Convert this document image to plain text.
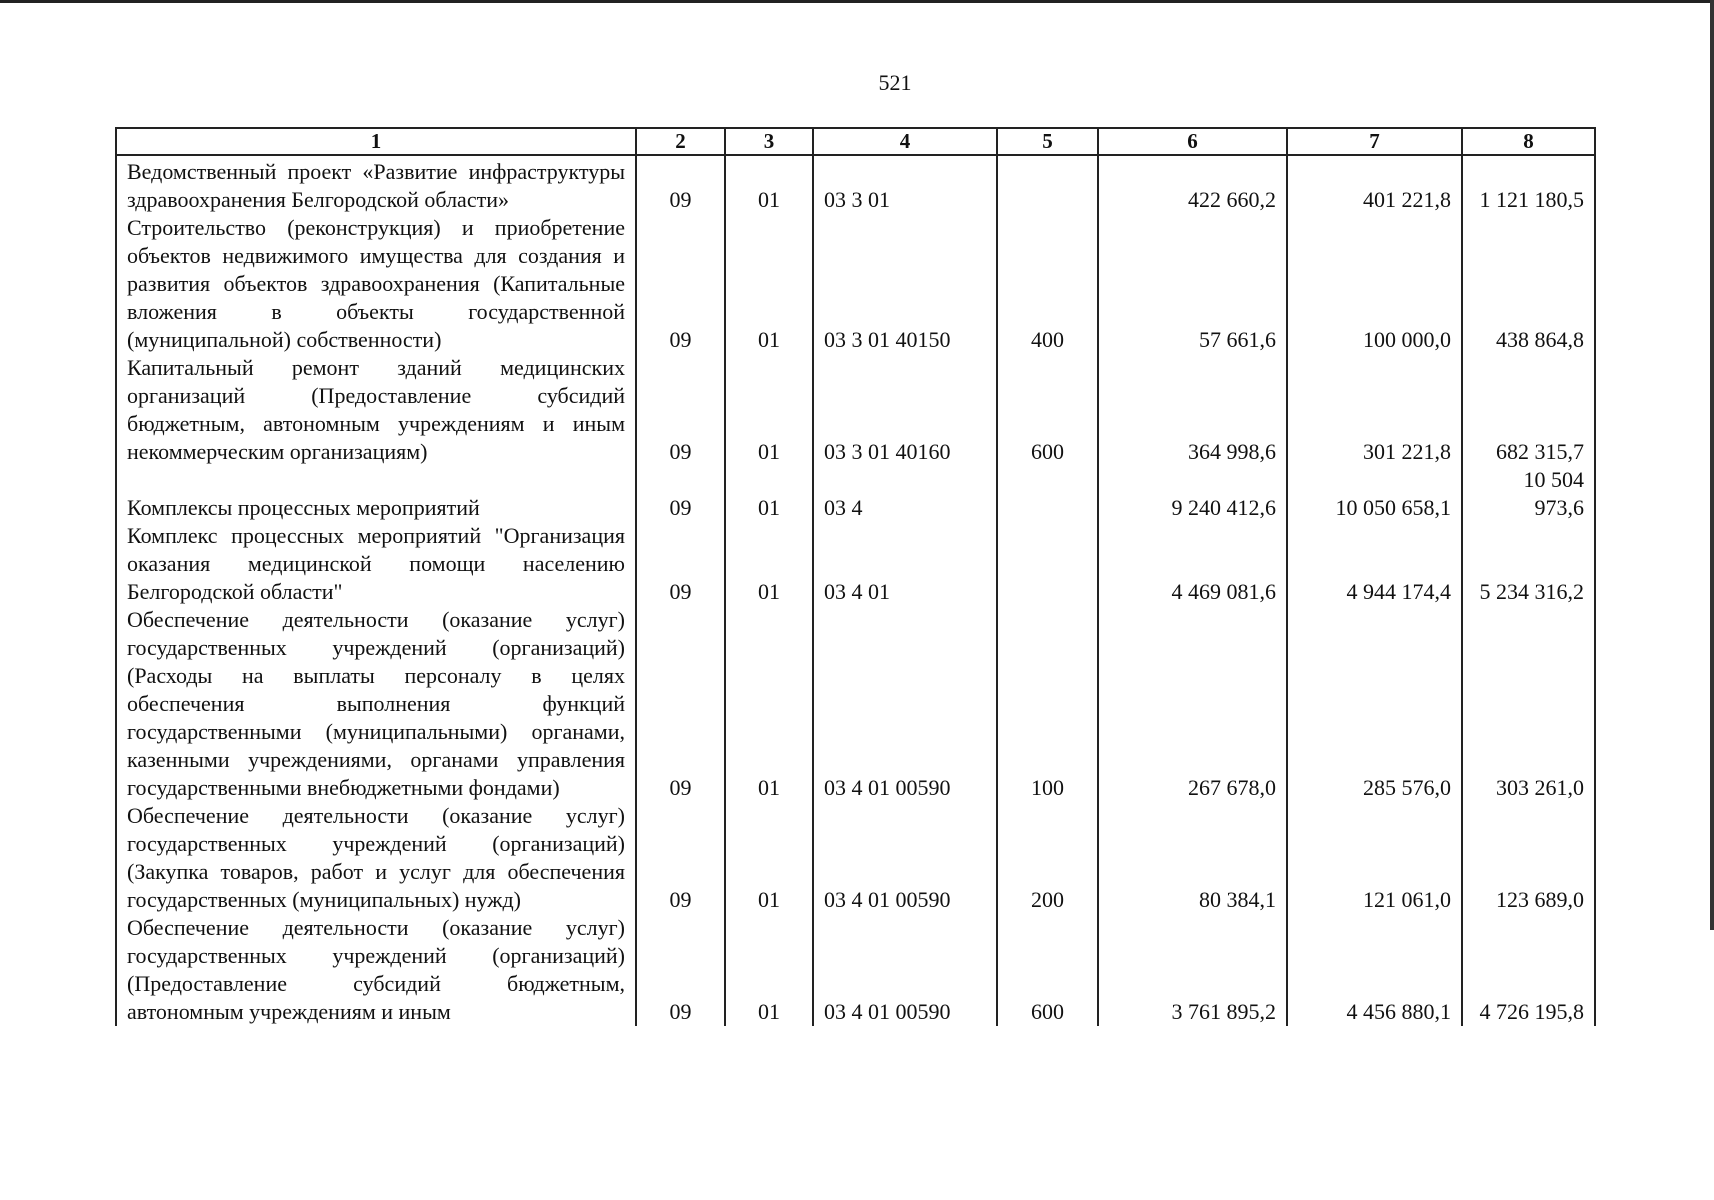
521
1	2	3	4	5	6	7	8
Ведомственный проект «Развитие инфраструктуры здравоохранения Белгородской области»	09	01	03 3 01		422 660,2	401 221,8	1 121 180,5
Строительство (реконструкция) и приобретение объектов недвижимого имущества для создания и развития объектов здравоохранения (Капитальные вложения в объекты государственной (муниципальной) собственности)	09	01	03 3 01 40150	400	57 661,6	100 000,0	438 864,8
Капитальный ремонт зданий медицинских организаций (Предоставление субсидий бюджетным, автономным учреждениям и иным некоммерческим организациям)	09	01	03 3 01 40160	600	364 998,6	301 221,8	682 315,7
Комплексы процессных мероприятий	09	01	03 4		9 240 412,6	10 050 658,1	10 504 973,6
Комплекс процессных мероприятий "Организация оказания медицинской помощи населению Белгородской области"	09	01	03 4 01		4 469 081,6	4 944 174,4	5 234 316,2
Обеспечение деятельности (оказание услуг) государственных учреждений (организаций) (Расходы на выплаты персоналу в целях обеспечения выполнения функций государственными (муниципальными) органами, казенными учреждениями, органами управления государственными внебюджетными фондами)	09	01	03 4 01 00590	100	267 678,0	285 576,0	303 261,0
Обеспечение деятельности (оказание услуг) государственных учреждений (организаций) (Закупка товаров, работ и услуг для обеспечения государственных (муниципальных) нужд)	09	01	03 4 01 00590	200	80 384,1	121 061,0	123 689,0
Обеспечение деятельности (оказание услуг) государственных учреждений (организаций) (Предоставление субсидий бюджетным, автономным учреждениям и иным	09	01	03 4 01 00590	600	3 761 895,2	4 456 880,1	4 726 195,8
